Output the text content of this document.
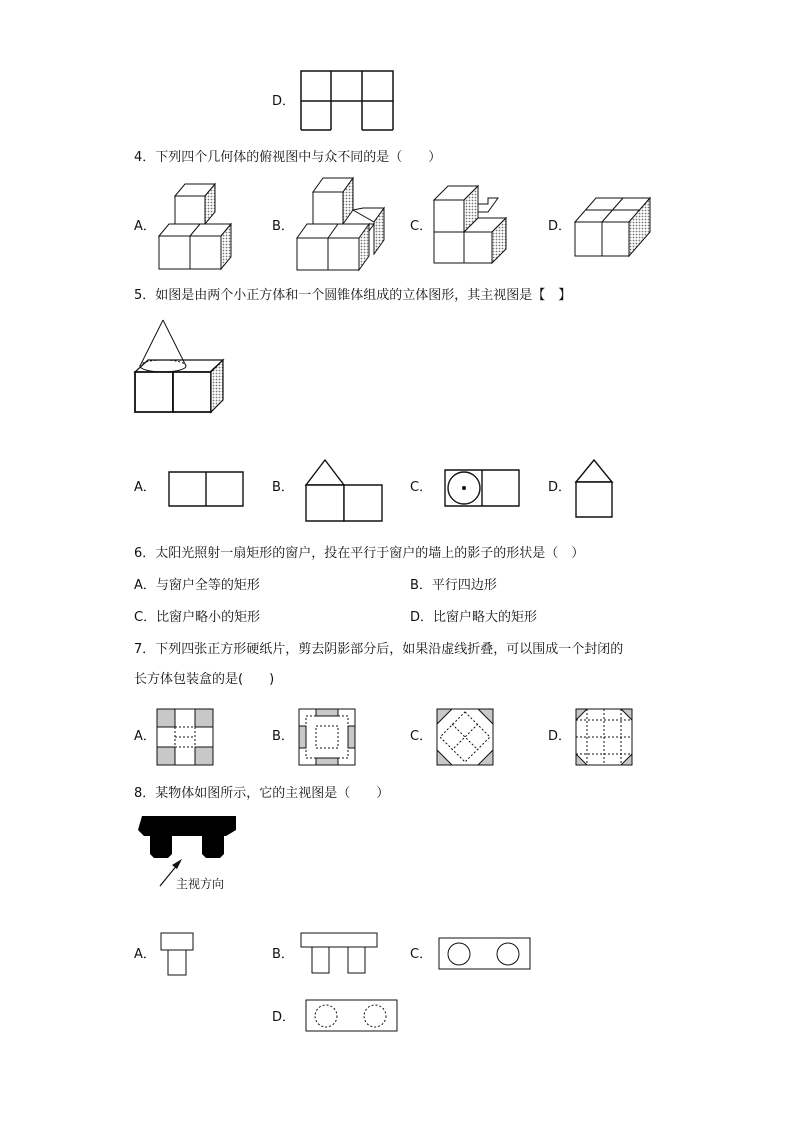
D．
4．下列四个几何体的俯视图中与众不同的是（　　）
A．	B．	C．	D．
5．如图是由两个小正方体和一个圆锥体组成的立体图形，其主视图是【　】
A．	B．	C．	D．
6．太阳光照射一扇矩形的窗户，投在平行于窗户的墙上的影子的形状是（　）
A．与窗户全等的矩形	B．平行四边形
C．比窗户略小的矩形	D．比窗户略大的矩形
7．下列四张正方形硬纸片，剪去阴影部分后，如果沿虚线折叠，可以围成一个封闭的
长方体包装盒的是(　　)
A．	B．	C．	D．
8．某物体如图所示，它的主视图是（　　）
主视方向
A．	B．	C．
D．
